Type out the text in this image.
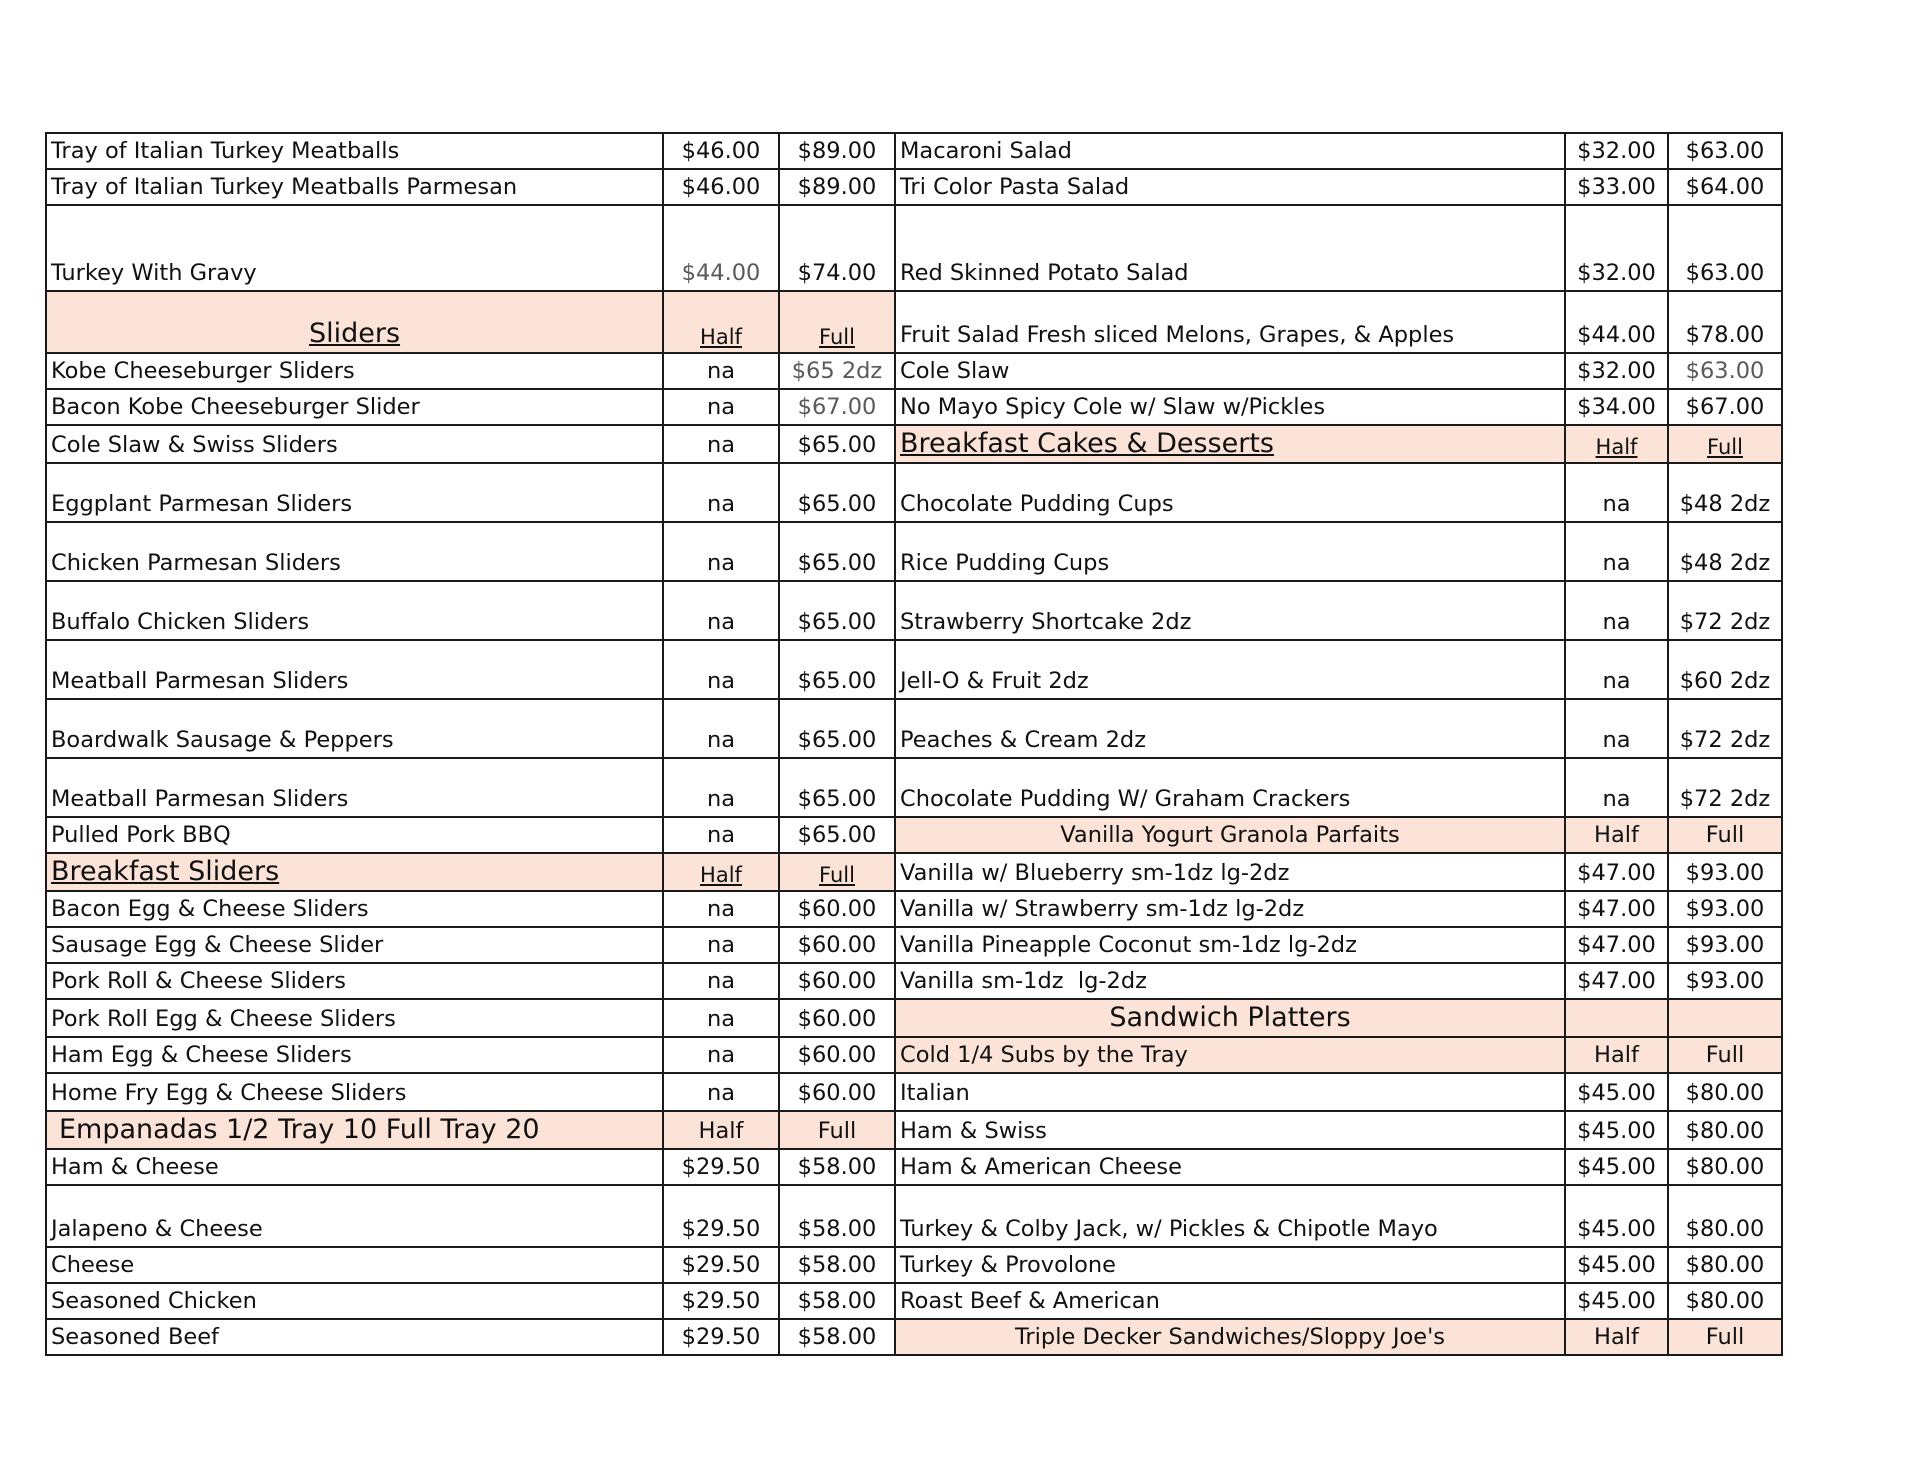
Tray of Italian Turkey Meatballs	$46.00	$89.00	Macaroni Salad	$32.00	$63.00
Tray of Italian Turkey Meatballs Parmesan	$46.00	$89.00	Tri Color Pasta Salad	$33.00	$64.00
Turkey With Gravy	$44.00	$74.00	Red Skinned Potato Salad	$32.00	$63.00
Sliders	Half	Full	Fruit Salad Fresh sliced Melons, Grapes, & Apples	$44.00	$78.00
Kobe Cheeseburger Sliders	na	$65 2dz	Cole Slaw	$32.00	$63.00
Bacon Kobe Cheeseburger Slider	na	$67.00	No Mayo Spicy Cole w/ Slaw w/Pickles	$34.00	$67.00
Cole Slaw & Swiss Sliders	na	$65.00	Breakfast Cakes & Desserts	Half	Full
Eggplant Parmesan Sliders	na	$65.00	Chocolate Pudding Cups	na	$48 2dz
Chicken Parmesan Sliders	na	$65.00	Rice Pudding Cups	na	$48 2dz
Buffalo Chicken Sliders	na	$65.00	Strawberry Shortcake 2dz	na	$72 2dz
Meatball Parmesan Sliders	na	$65.00	Jell-O & Fruit 2dz	na	$60 2dz
Boardwalk Sausage & Peppers	na	$65.00	Peaches & Cream 2dz	na	$72 2dz
Meatball Parmesan Sliders	na	$65.00	Chocolate Pudding W/ Graham Crackers	na	$72 2dz
Pulled Pork BBQ	na	$65.00	Vanilla Yogurt Granola Parfaits	Half	Full
Breakfast Sliders	Half	Full	Vanilla w/ Blueberry sm-1dz lg-2dz	$47.00	$93.00
Bacon Egg & Cheese Sliders	na	$60.00	Vanilla w/ Strawberry sm-1dz lg-2dz	$47.00	$93.00
Sausage Egg & Cheese Slider	na	$60.00	Vanilla Pineapple Coconut sm-1dz lg-2dz	$47.00	$93.00
Pork Roll & Cheese Sliders	na	$60.00	Vanilla sm-1dz  lg-2dz	$47.00	$93.00
Pork Roll Egg & Cheese Sliders	na	$60.00	Sandwich Platters		
Ham Egg & Cheese Sliders	na	$60.00	Cold 1/4 Subs by the Tray	Half	Full
Home Fry Egg & Cheese Sliders	na	$60.00	Italian	$45.00	$80.00
Empanadas 1/2 Tray 10 Full Tray 20	Half	Full	Ham & Swiss	$45.00	$80.00
Ham & Cheese	$29.50	$58.00	Ham & American Cheese	$45.00	$80.00
Jalapeno & Cheese	$29.50	$58.00	Turkey & Colby Jack, w/ Pickles & Chipotle Mayo	$45.00	$80.00
Cheese	$29.50	$58.00	Turkey & Provolone	$45.00	$80.00
Seasoned Chicken	$29.50	$58.00	Roast Beef & American	$45.00	$80.00
Seasoned Beef	$29.50	$58.00	Triple Decker Sandwiches/Sloppy Joe's	Half	Full
